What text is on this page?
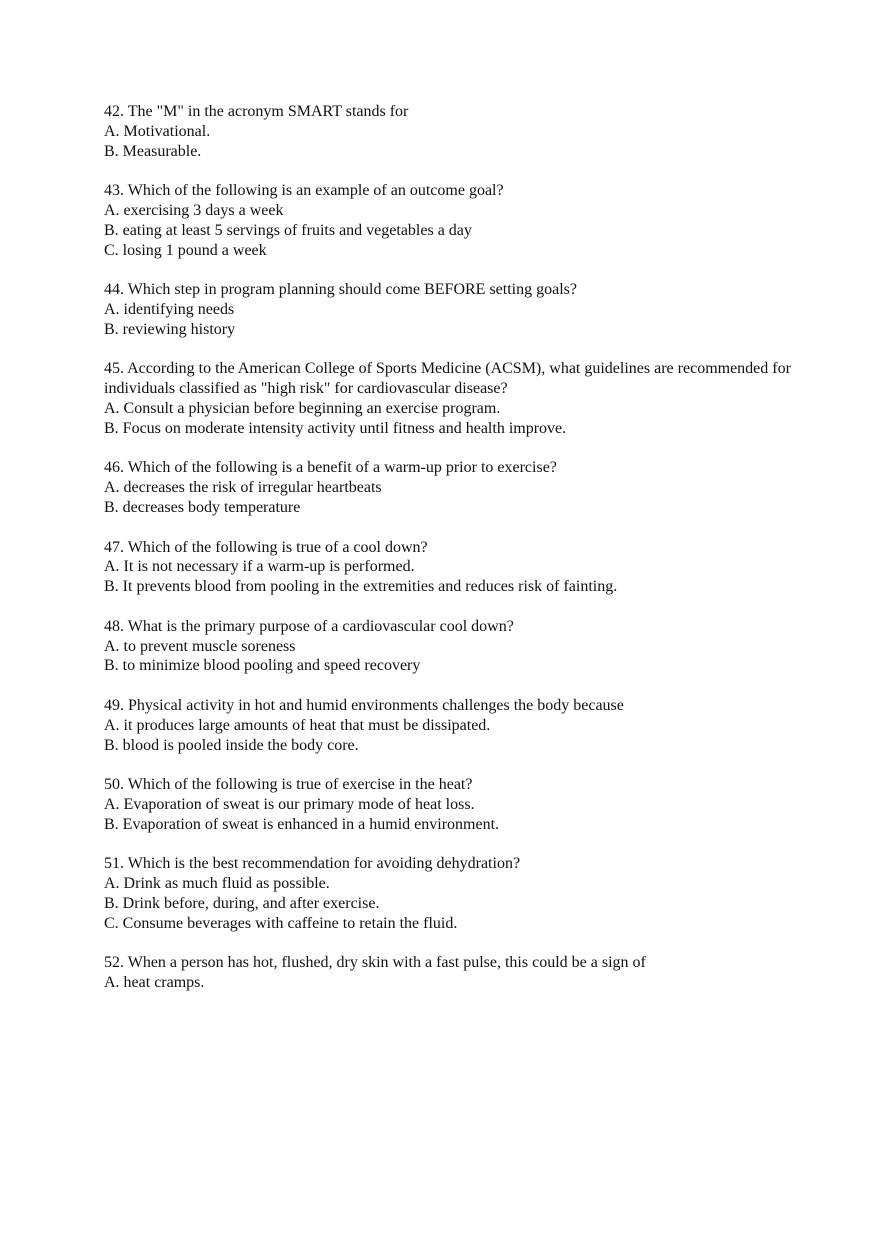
42. The "M" in the acronym SMART stands for
A. Motivational.
B. Measurable.
43. Which of the following is an example of an outcome goal?
A. exercising 3 days a week
B. eating at least 5 servings of fruits and vegetables a day
C. losing 1 pound a week
44. Which step in program planning should come BEFORE setting goals?
A. identifying needs
B. reviewing history
45. According to the American College of Sports Medicine (ACSM), what guidelines are recommended for individuals classified as "high risk" for cardiovascular disease?
A. Consult a physician before beginning an exercise program.
B. Focus on moderate intensity activity until fitness and health improve.
46. Which of the following is a benefit of a warm-up prior to exercise?
A. decreases the risk of irregular heartbeats
B. decreases body temperature
47. Which of the following is true of a cool down?
A. It is not necessary if a warm-up is performed.
B. It prevents blood from pooling in the extremities and reduces risk of fainting.
48. What is the primary purpose of a cardiovascular cool down?
A. to prevent muscle soreness
B. to minimize blood pooling and speed recovery
49. Physical activity in hot and humid environments challenges the body because
A. it produces large amounts of heat that must be dissipated.
B. blood is pooled inside the body core.
50. Which of the following is true of exercise in the heat?
A. Evaporation of sweat is our primary mode of heat loss.
B. Evaporation of sweat is enhanced in a humid environment.
51. Which is the best recommendation for avoiding dehydration?
A. Drink as much fluid as possible.
B. Drink before, during, and after exercise.
C. Consume beverages with caffeine to retain the fluid.
52. When a person has hot, flushed, dry skin with a fast pulse, this could be a sign of
A. heat cramps.
